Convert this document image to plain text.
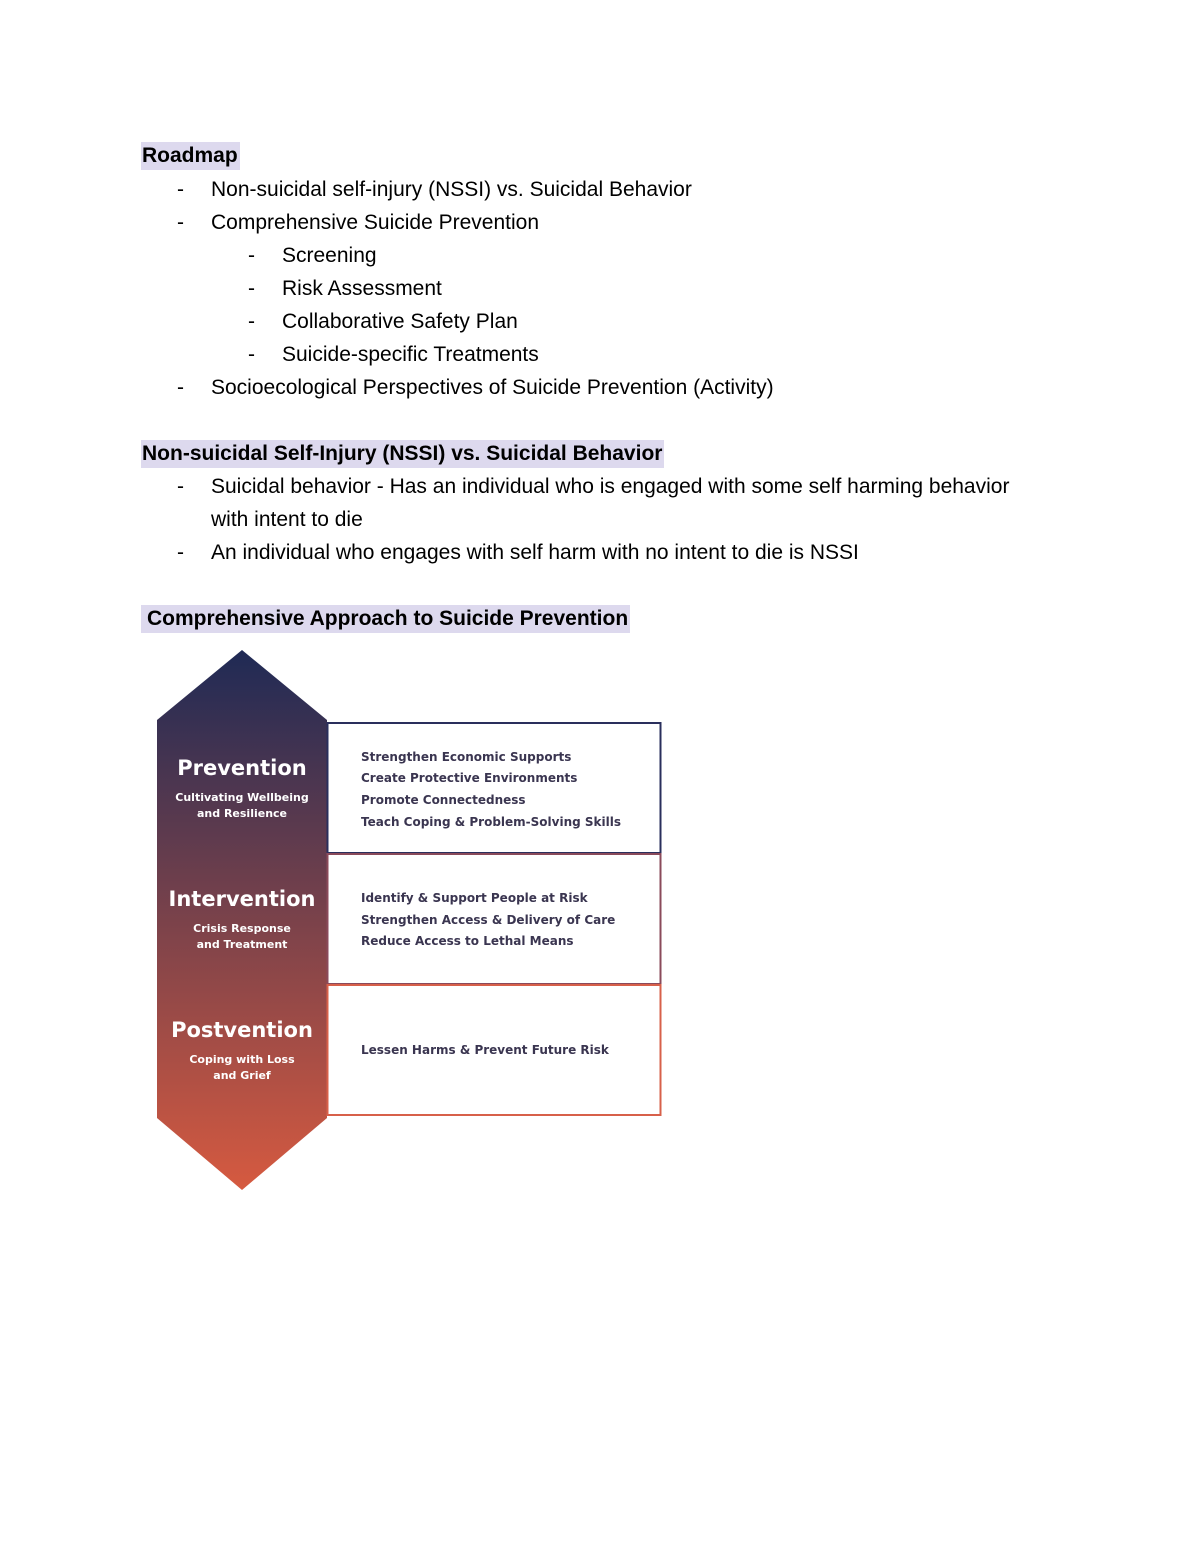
Roadmap
- Non-suicidal self-injury (NSSI) vs. Suicidal Behavior
- Comprehensive Suicide Prevention
- Screening
- Risk Assessment
- Collaborative Safety Plan
- Suicide-specific Treatments
- Socioecological Perspectives of Suicide Prevention (Activity)
Non-suicidal Self-Injury (NSSI) vs. Suicidal Behavior
- Suicidal behavior - Has an individual who is engaged with some self harming behavior
with intent to die
- An individual who engages with self harm with no intent to die is NSSI
Comprehensive Approach to Suicide Prevention
Prevention
Cultivating Wellbeing
and Resilience
Strengthen Economic Supports
Create Protective Environments
Promote Connectedness
Teach Coping & Problem-Solving Skills
Intervention
Crisis Response
and Treatment
Identify & Support People at Risk
Strengthen Access & Delivery of Care
Reduce Access to Lethal Means
Postvention
Coping with Loss
and Grief
Lessen Harms & Prevent Future Risk
